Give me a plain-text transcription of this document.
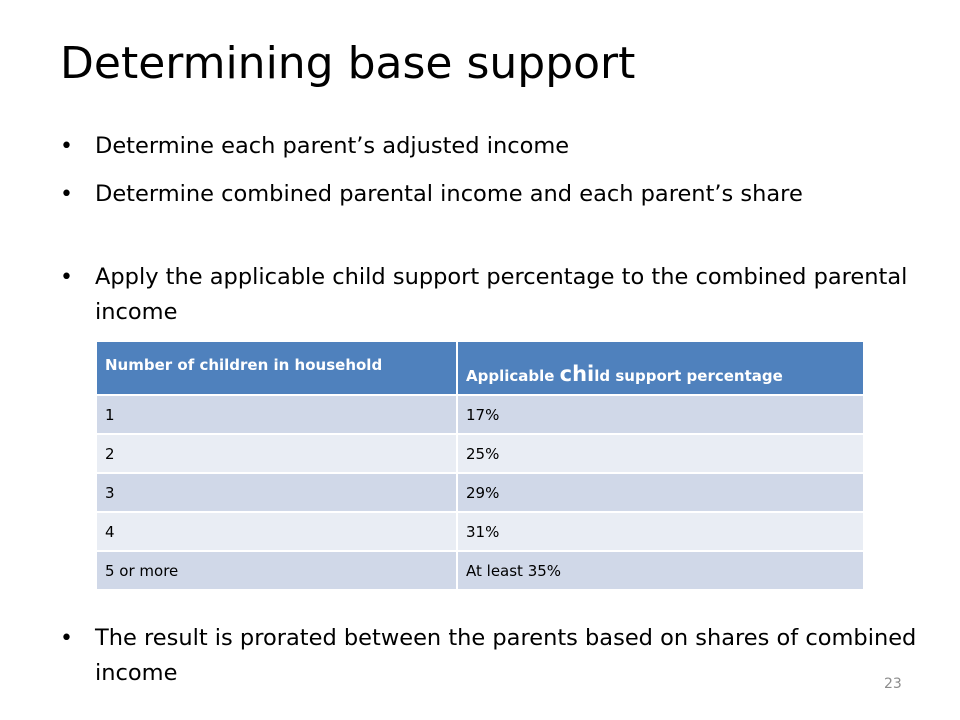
Determining base support
• Determine each parent’s adjusted income
• Determine combined parental income and each parent’s share
• Apply the applicable child support percentage to the combined parental income
Number of children in household	Applicable child support percentage
1	17%
2	25%
3	29%
4	31%
5 or more	At least 35%
• The result is prorated between the parents based on shares of combined income	23
